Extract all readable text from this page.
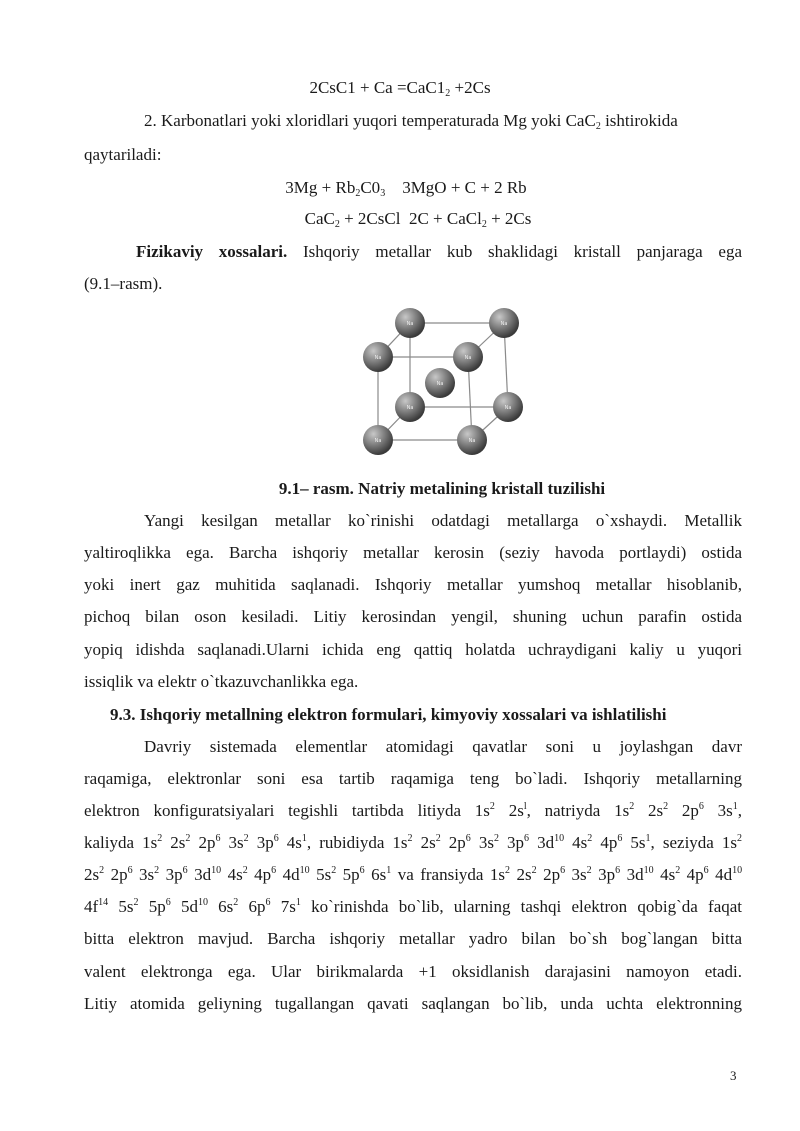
$2CsC1 + Ca =CaC1_2 +2Cs$
2. Karbonatlari yoki xloridlari yuqori temperaturada Mg yoki CaC$_2$ ishtirokida
qaytariladi:
$3Mg + Rb_2C0_3$    3MgO + C + 2 Rb
CaC$_2$ + 2CsCl  2C + CaCl$_2$ + 2Cs
Fizikaviy xossalari. Ishqoriy metallar kub shaklidagi kristall panjaraga ega
(9.1–rasm).
Na	Na
Na	Na
Na
Na	Na
Na	Na
9.1– rasm. Natriy metalining kristall tuzilishi
Yangi kesilgan metallar ko`rinishi odatdagi metallarga o`xshaydi. Metallik
yaltiroqlikka ega. Barcha ishqoriy metallar kerosin (seziy havoda portlaydi) ostida
yoki inert gaz muhitida saqlanadi. Ishqoriy metallar yumshoq metallar hisoblanib,
pichoq bilan oson kesiladi. Litiy kerosindan yengil, shuning uchun parafin ostida
yopiq idishda saqlanadi.Ularni ichida eng qattiq holatda uchraydigani kaliy u yuqori
issiqlik va elektr o`tkazuvchanlikka ega.
9.3. Ishqoriy metallning elektron formulari, kimyoviy xossalari va ishlatilishi
Davriy sistemada elementlar atomidagi qavatlar soni u joylashgan davr
raqamiga, elektronlar soni esa tartib raqamiga teng bo`ladi. Ishqoriy metallarning
elektron konfiguratsiyalari tegishli tartibda litiyda $1s^2$ $2s^l$, natriyda $1s^2$ $2s^2$ $2p^6$ $3s^1$,
kaliyda $1s^2$ $2s^2$ $2p^6$ $3s^2$ $3p^6$ $4s^1$, rubidiyda $1s^2$ $2s^2$ $2p^6$ $3s^2$ $3p^6$ $3d^{10}$ $4s^2$ $4p^6$ $5s^1$, seziyda $1s^2$
$2s^2$ $2p^6$ $3s^2$ $3p^6$ $3d^{10}$ $4s^2$ $4p^6$ $4d^{10}$ $5s^2$ $5p^6$ $6s^1$ va fransiyda $1s^2$ $2s^2$ $2p^6$ $3s^2$ $3p^6$ $3d^{10}$ $4s^2$ $4p^6$ $4d^{10}$
$4f^{14}$ $5s^2$ $5p^6$ $5d^{10}$ $6s^2$ $6p^6$ $7s^1$ ko`rinishda bo`lib, ularning tashqi elektron qobig`da faqat
bitta elektron mavjud. Barcha ishqoriy metallar yadro bilan bo`sh bog`langan bitta
valent elektronga ega. Ular birikmalarda +1 oksidlanish darajasini namoyon etadi.
Litiy atomida geliyning tugallangan qavati saqlangan bo`lib, unda uchta elektronning
3
